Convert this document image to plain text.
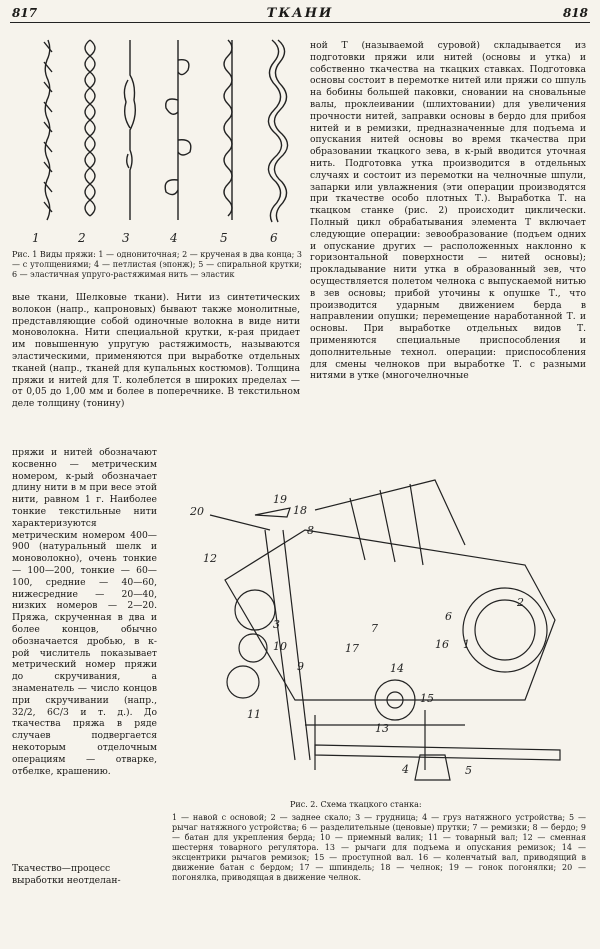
817	ТКАНИ	818
1	2	3	4	5	6

Рис. 1 Виды пряжи: 1 — однониточная; 2 — крученая в два конца; 3 — с утолщениями; 4 — петлистая (эпонж); 5 — спиральной крутки; 6 — эластичная упруго-растяжимая нить — эластик

вые ткани, Шелковые ткани). Нити из синтетических волокон (напр., капроновых) бывают также монолитные, представляющие собой одиночные волокна в виде нити моноволокна. Нити специальной крутки, к-рая придает им повышенную упругую растяжимость, называются эластическими, применяются при выработке отдельных тканей (напр., тканей для купальных костюмов). Толщина пряжи и нитей для Т. колеблется в широких пределах — от 0,05 до 1,00 мм и более в поперечнике. В текстильном деле толщину (тонину)

пряжи и нитей обозначают косвенно — метрическим номером, к-рый обозначает длину нити в м при весе этой нити, равном 1 г. Наиболее тонкие текстильные нити характеризуются метрическим номером 400—900 (натуральный шелк и моноволокно), очень тонкие — 100—200, тонкие — 60—100, средние — 40—60, нижесредние — 20—40, низких номеров — 2—20. Пряжа, скрученная в два и более концов, обычно обозначается дробью, в к-рой числитель показывает метрический номер пряжи до скручивания, а знаменатель — число концов при скручивании (напр., 32/2, 6С/3 и т. д.). До ткачества пряжа в ряде случаев подвергается некоторым отделочным операциям — отварке, отбелке, крашению.

Ткачество—процесс выработки неотделан-

ной Т (называемой суровой) складывается из подготовки пряжи или нитей (основы и утка) и собственно ткачества на ткацких ставках. Подготовка основы состоит в перемотке нитей или пряжи со шпуль на бобины большей паковки, сновании на сновальные валы, проклеивании (шлихтовании) для увеличения прочности нитей, заправки основы в бердо для прибоя нитей и в ремизки, предназначенные для подъема и опускания нитей основы во время ткачества при образовании ткацкого зева, в к-рый вводится уточная нить. Подготовка утка производится в отдельных случаях и состоит из перемотки на челночные шпули, запарки или увлажнения (эти операции производятся при ткачестве особо плотных Т.). Выработка Т. на ткацком станке (рис. 2) происходит циклически. Полный цикл обрабатывания элемента Т включает следующие операции: зевообразование (подъем одних и опускание других — расположенных наклонно к горизонтальной поверхности — нитей основы); прокладывание нити утка в образованный зев, что осуществляется полетом челнока с выпускаемой нитью в зев основы; прибой уточины к опушке Т., что производится ударным движением берда в направлении опушки; перемещение наработанной Т. и основы. При выработке отдельных видов Т. применяются специальные приспособления и дополнительные технол. операции: приспособления для смены челноков при выработке Т. с разными нитями в утке (многочелночные

20
19
18
8
12
3
2
1
6
16
17
14
9
10
7
11
15
13
4	5

Рис. 2. Схема ткацкого станка:

1 — навой с основой; 2 — заднее скало; 3 — грудница; 4 — груз натяжного устройства; 5 — рычаг натяжного устройства; 6 — разделительные (ценовые) прутки; 7 — ремизки; 8 — бердо; 9 — батан для укрепления берда; 10 — приемный валик; 11 — товарный вал; 12 — сменная шестерня товарного регулятора. 13 — рычаги для подъема и опускания ремизок; 14 — эксцентрики рычагов ремизок; 15 — проступной вал. 16 — коленчатый вал, приводящий в движение батан с бердом; 17 — шпиндель; 18 — челнок; 19 — гонок погонялки; 20 — погонялка, приводящая в движение челнок.
